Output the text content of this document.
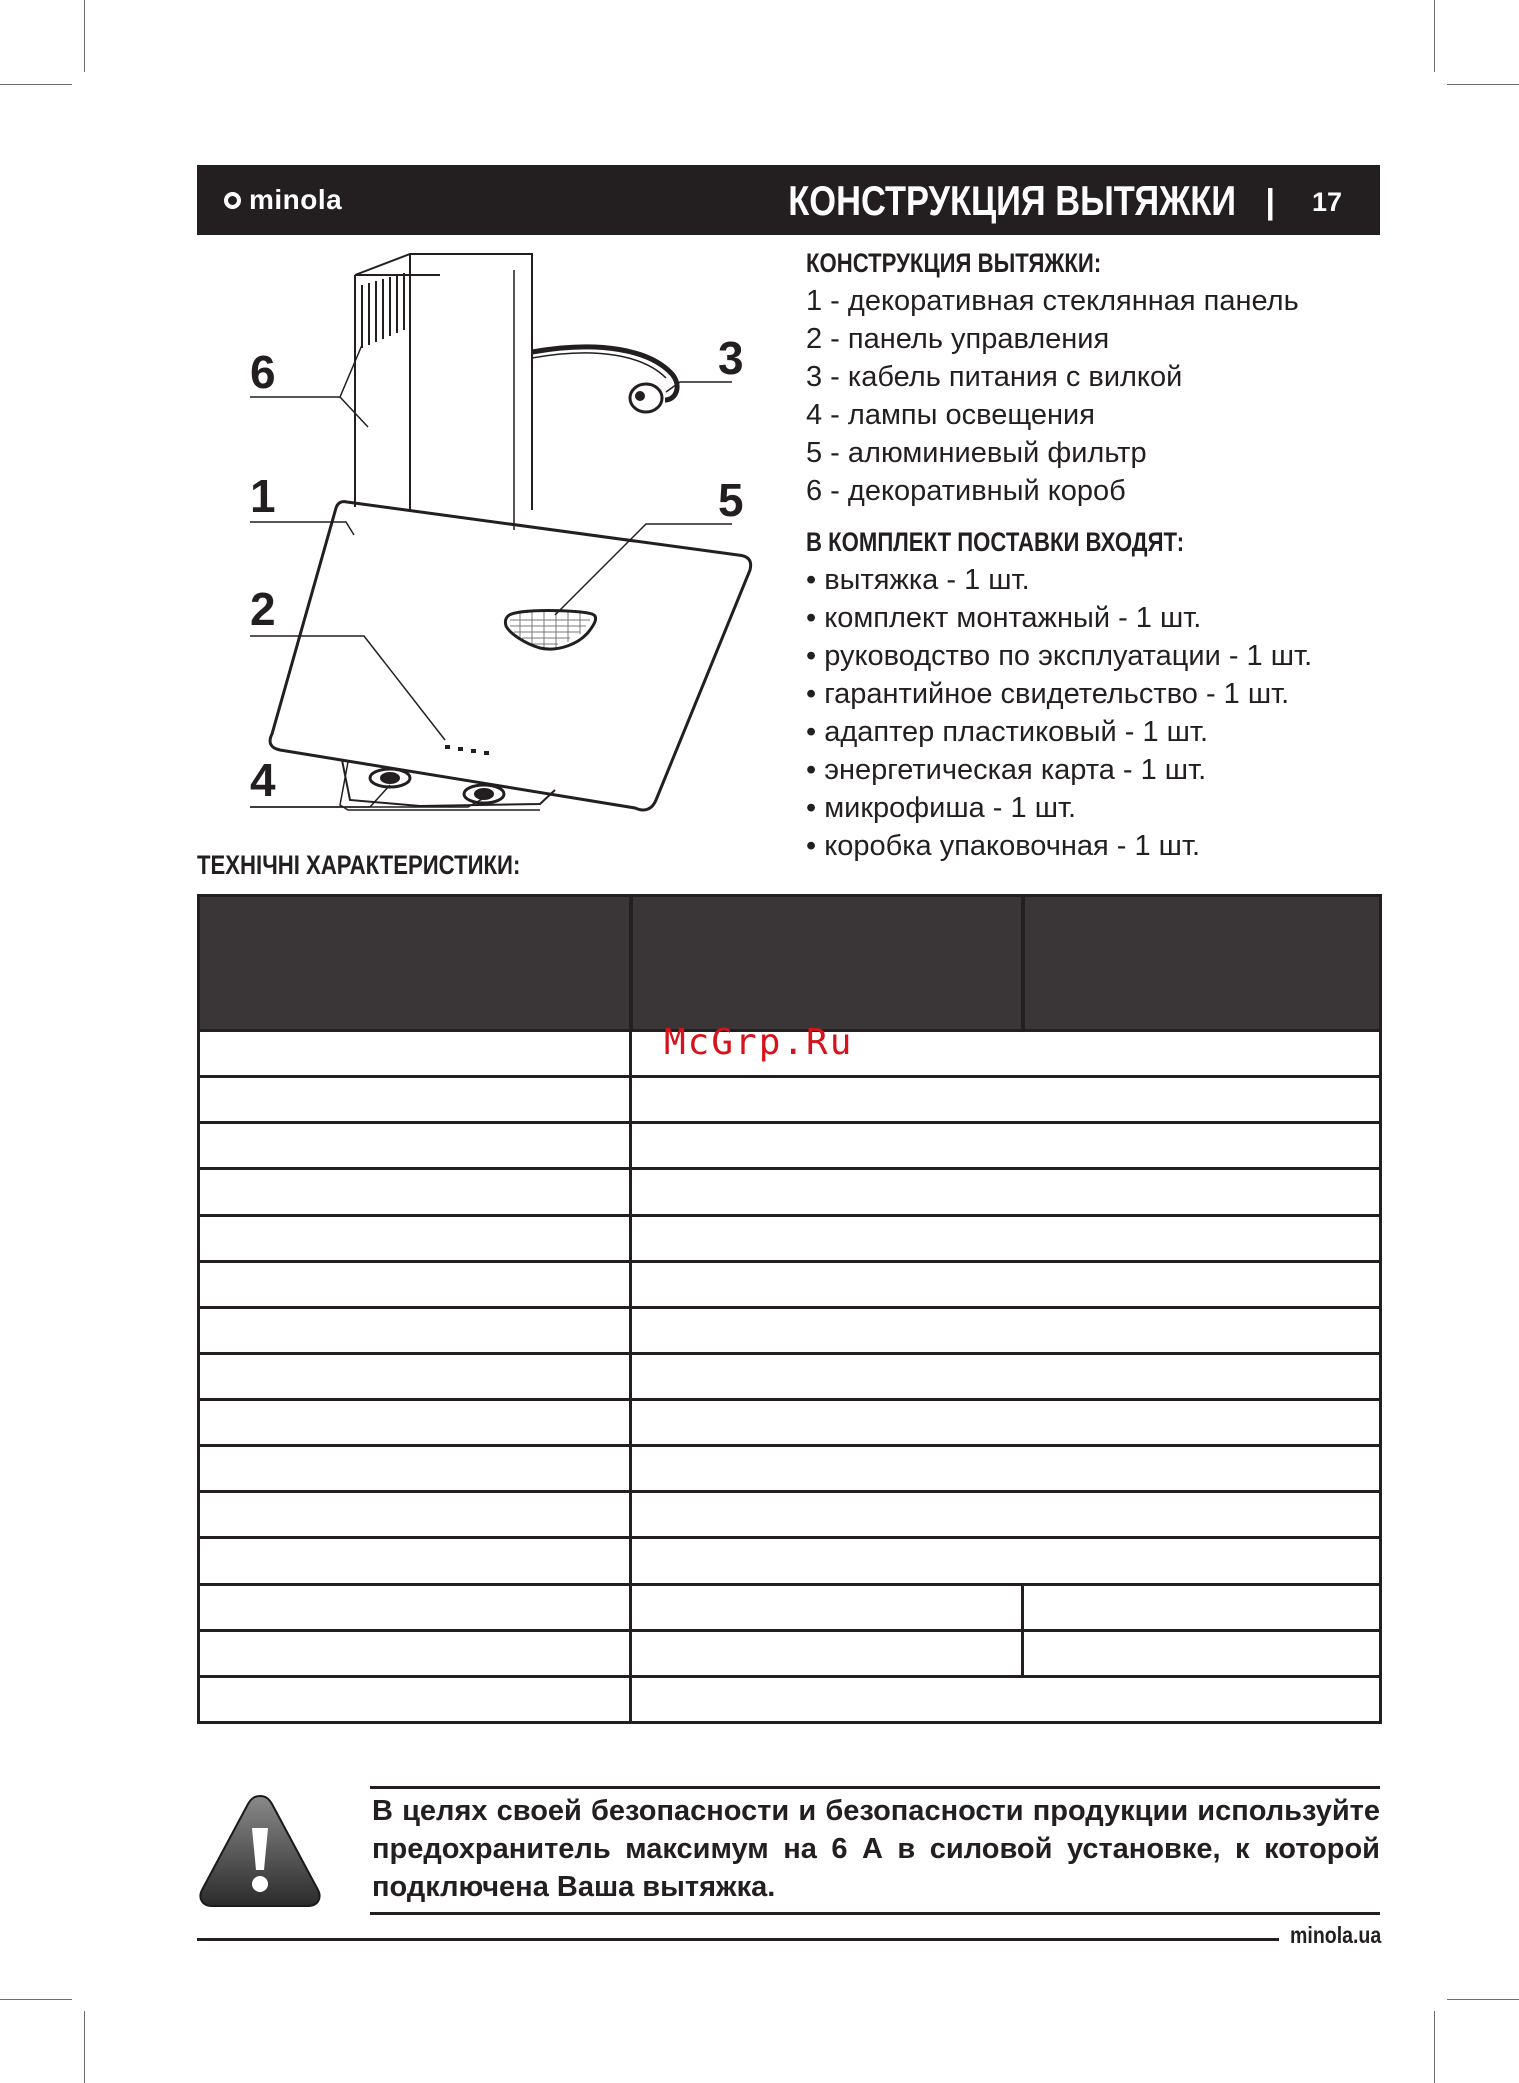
minola	КОНСТРУКЦИЯ ВЫТЯЖКИ | 17
6
1
2
4
3
5
КОНСТРУКЦИЯ ВЫТЯЖКИ:
1 - декоративная стеклянная панель
2 - панель управления
3 - кабель питания с вилкой
4 - лампы освещения
5 - алюминиевый фильтр
6 - декоративный короб
В КОМПЛЕКТ ПОСТАВКИ ВХОДЯТ:
• вытяжка - 1 шт.
• комплект монтажный - 1 шт.
• руководство по эксплуатации - 1 шт.
• гарантийное свидетельство - 1 шт.
• адаптер пластиковый - 1 шт.
• энергетическая карта - 1 шт.
• микрофиша - 1 шт.
• коробка упаковочная - 1 шт.
ТЕХНІЧНІ ХАРАКТЕРИСТИКИ:

McGrp.Ru
В целях своей безопасности и безопасности продукции используйте предохранитель максимум на 6 А в силовой установке, к которой подключена Ваша вытяжка.
minola.ua
